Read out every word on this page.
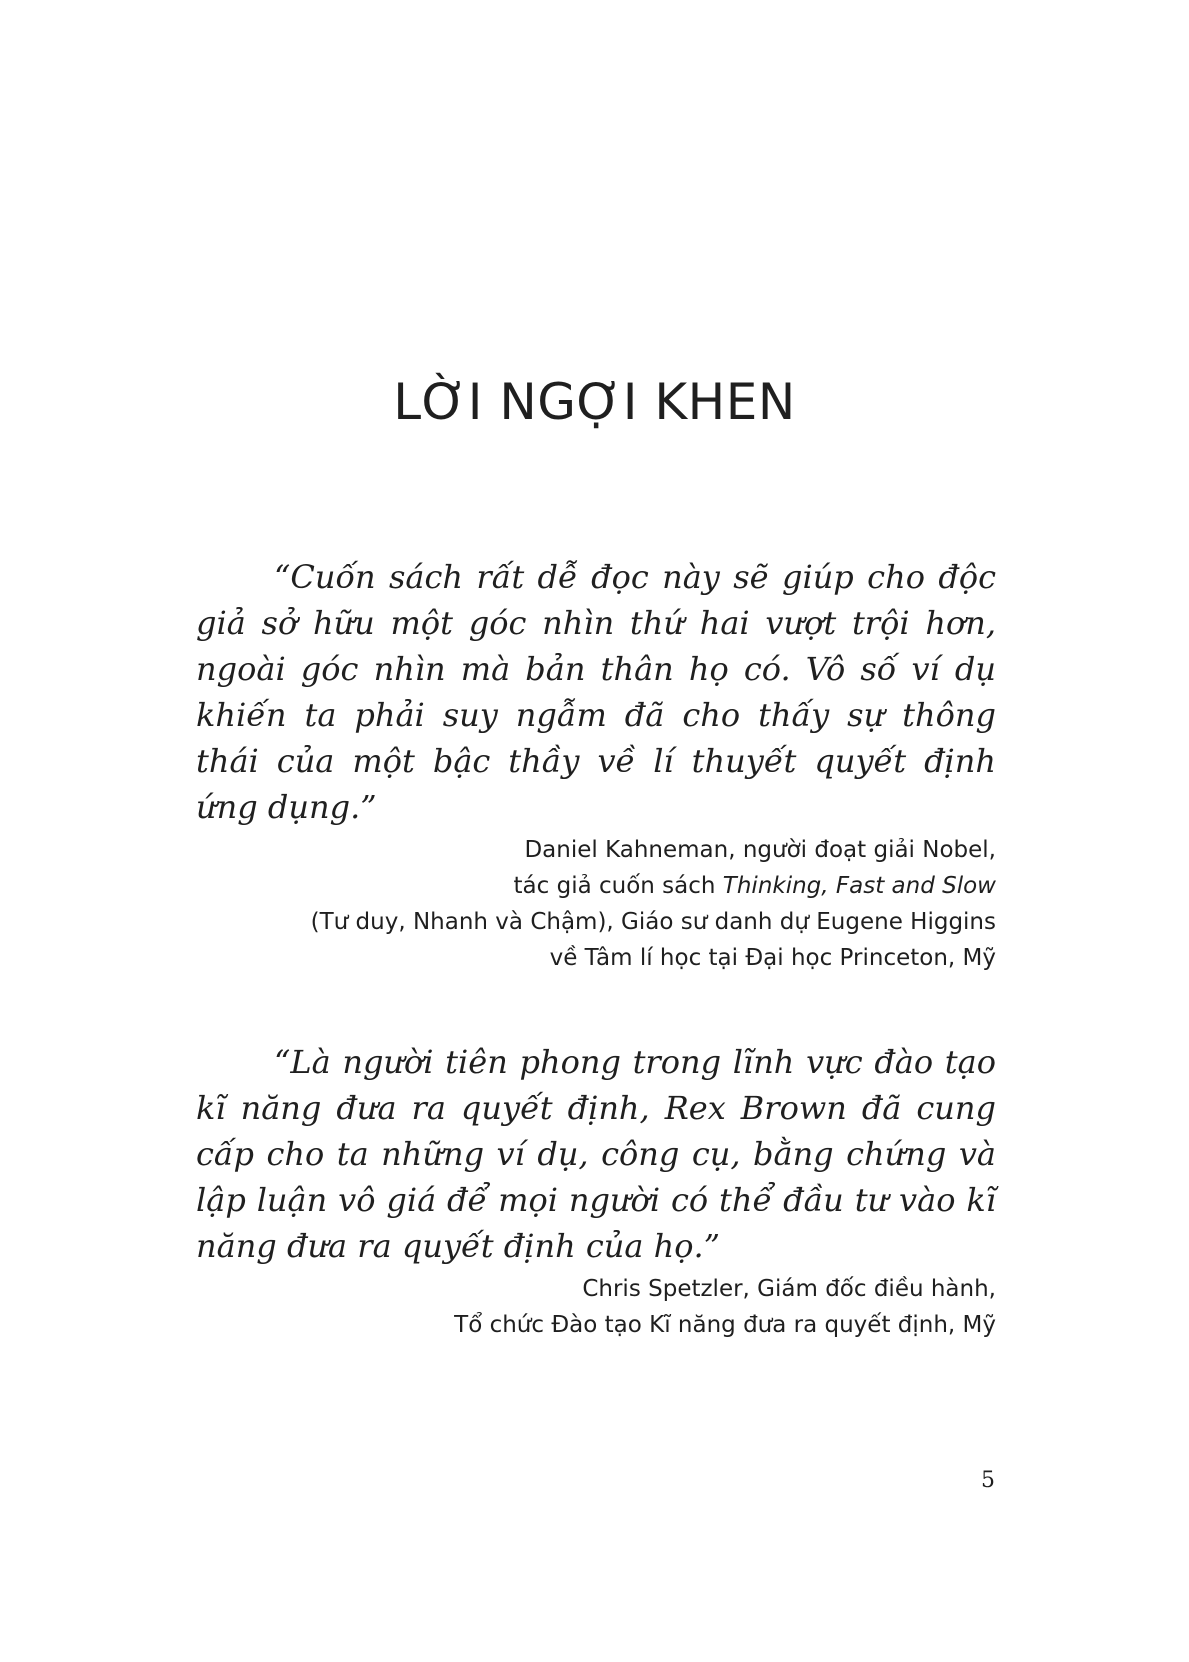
LỜI NGỢI KHEN

“Cuốn sách rất dễ đọc này sẽ giúp cho độc giả sở hữu một góc nhìn thứ hai vượt trội hơn, ngoài góc nhìn mà bản thân họ có. Vô số ví dụ khiến ta phải suy ngẫm đã cho thấy sự thông thái của một bậc thầy về lí thuyết quyết định ứng dụng.”

Daniel Kahneman, người đoạt giải Nobel,
tác giả cuốn sách Thinking, Fast and Slow
(Tư duy, Nhanh và Chậm), Giáo sư danh dự Eugene Higgins
về Tâm lí học tại Đại học Princeton, Mỹ

“Là người tiên phong trong lĩnh vực đào tạo kĩ năng đưa ra quyết định, Rex Brown đã cung cấp cho ta những ví dụ, công cụ, bằng chứng và lập luận vô giá để mọi người có thể đầu tư vào kĩ năng đưa ra quyết định của họ.”

Chris Spetzler, Giám đốc điều hành,
Tổ chức Đào tạo Kĩ năng đưa ra quyết định, Mỹ
5
